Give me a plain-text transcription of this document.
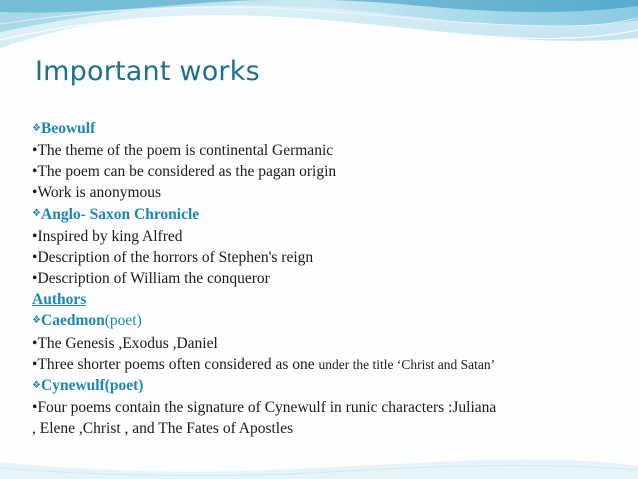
Important works
❖Beowulf
•The theme of the poem is continental Germanic
•The poem can be considered as the pagan origin
•Work is anonymous
❖Anglo- Saxon Chronicle
•Inspired by king Alfred
•Description of the horrors of Stephen's reign
•Description of William the conqueror
Authors
❖Caedmon(poet)
•The Genesis ,Exodus ,Daniel
•Three shorter poems often considered as one under the title ‘Christ and Satan’
❖Cynewulf(poet)
•Four poems contain the signature of Cynewulf in runic characters :Juliana
, Elene ,Christ , and The Fates of Apostles
